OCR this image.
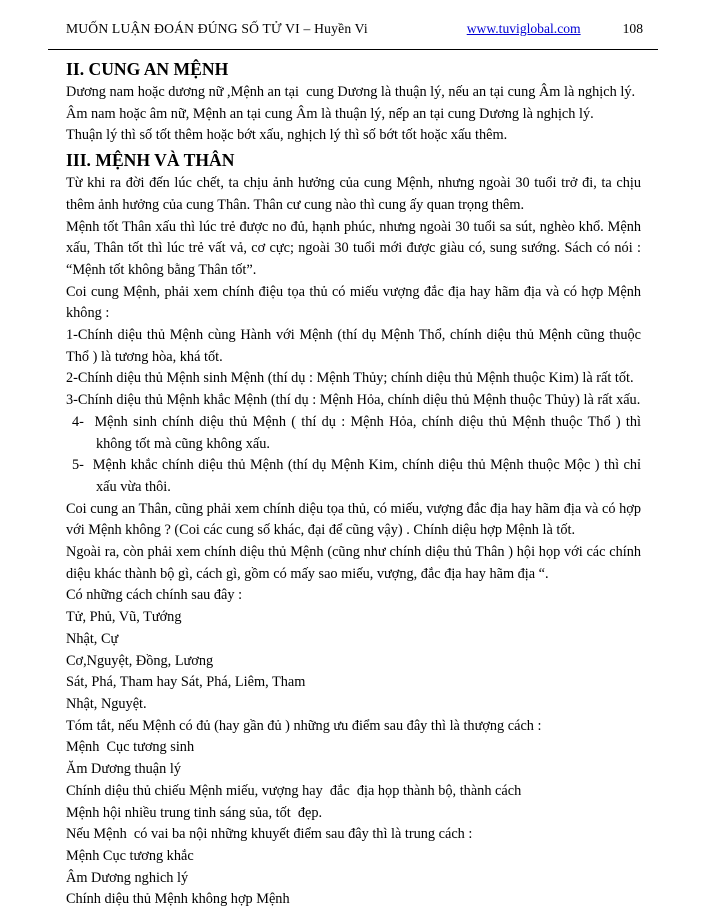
MUỐN LUẬN ĐOÁN ĐÚNG SỐ TỬ VI – Huyền Vi	www.tuviglobal.com	108
II. CUNG AN MỆNH

Dương nam hoặc dương nữ ,Mệnh an tại  cung Dương là thuận lý, nếu an tại cung Âm là nghịch lý.

Âm nam hoặc âm nữ, Mệnh an tại cung Âm là thuận lý, nếp an tại cung Dương là nghịch lý.

Thuận lý thì số tốt thêm hoặc bớt xấu, nghịch lý thì số bớt tốt hoặc xấu thêm.

III. MỆNH VÀ THÂN

Từ khi ra đời đến lúc chết, ta chịu ảnh hưởng của cung Mệnh, nhưng ngoài 30 tuổi trở đi, ta chịu thêm ảnh hưởng của cung Thân. Thân cư cung nào thì cung ấy quan trọng thêm.

Mệnh tốt Thân xấu thì lúc trẻ được no đủ, hạnh phúc, nhưng ngoài 30 tuổi sa sút, nghèo khổ. Mệnh xấu, Thân tốt thì lúc trẻ vất vả, cơ cực; ngoài 30 tuổi mới được giàu có, sung sướng. Sách có nói : “Mệnh tốt không bằng Thân tốt”.

Coi cung Mệnh, phải xem chính điệu tọa thủ có miếu vượng đắc địa hay hãm địa và có hợp Mệnh không :

1-Chính diệu thủ Mệnh cùng Hành với Mệnh (thí dụ Mệnh Thổ, chính diệu thủ Mệnh cũng thuộc Thổ ) là tương hòa, khá tốt.

2-Chính diệu thủ Mệnh sinh Mệnh (thí dụ : Mệnh Thủy; chính diệu thủ Mệnh thuộc Kim) là rất tốt.

3-Chính diệu thủ Mệnh khắc Mệnh (thí dụ : Mệnh Hỏa, chính diệu thủ Mệnh thuộc Thủy) là rất xấu.

4-  Mệnh sinh chính diệu thủ Mệnh ( thí dụ : Mệnh Hỏa, chính diệu thủ Mệnh thuộc Thổ ) thì không tốt mà cũng không xấu.

5-  Mệnh khắc chính diệu thủ Mệnh (thí dụ Mệnh Kim, chính diệu thủ Mệnh thuộc Mộc ) thì chỉ xấu vừa thôi.

Coi cung an Thân, cũng phải xem chính diệu tọa thủ, có miếu, vượng đắc địa hay hãm địa và có hợp với Mệnh không ? (Coi các cung số khác, đại để cũng vậy) . Chính diệu hợp Mệnh là tốt.

Ngoài ra, còn phải xem chính diệu thủ Mệnh (cũng như chính diệu thủ Thân ) hội họp với các chính diệu khác thành bộ gì, cách gì, gồm có mấy sao miếu, vượng, đắc địa hay hãm địa “.

Có những cách chính sau đây :

Tử, Phủ, Vũ, Tướng

Nhật, Cự

Cơ,Nguyệt, Đồng, Lương

Sát, Phá, Tham hay Sát, Phá, Liêm, Tham

Nhật, Nguyệt.

Tóm tắt, nếu Mệnh có đủ (hay gần đủ ) những ưu điểm sau đây thì là thượng cách :

Mệnh  Cục tương sinh

Ăm Dương thuận lý

Chính diệu thủ chiếu Mệnh miếu, vượng hay  đắc  địa họp thành bộ, thành cách

Mệnh hội nhiều trung tinh sáng sủa, tốt  đẹp.

Nếu Mệnh  có vai ba nội những khuyết điểm sau đây thì là trung cách :

Mệnh Cục tương khắc

Âm Dương nghich lý

Chính diệu thủ Mệnh không hợp Mệnh
